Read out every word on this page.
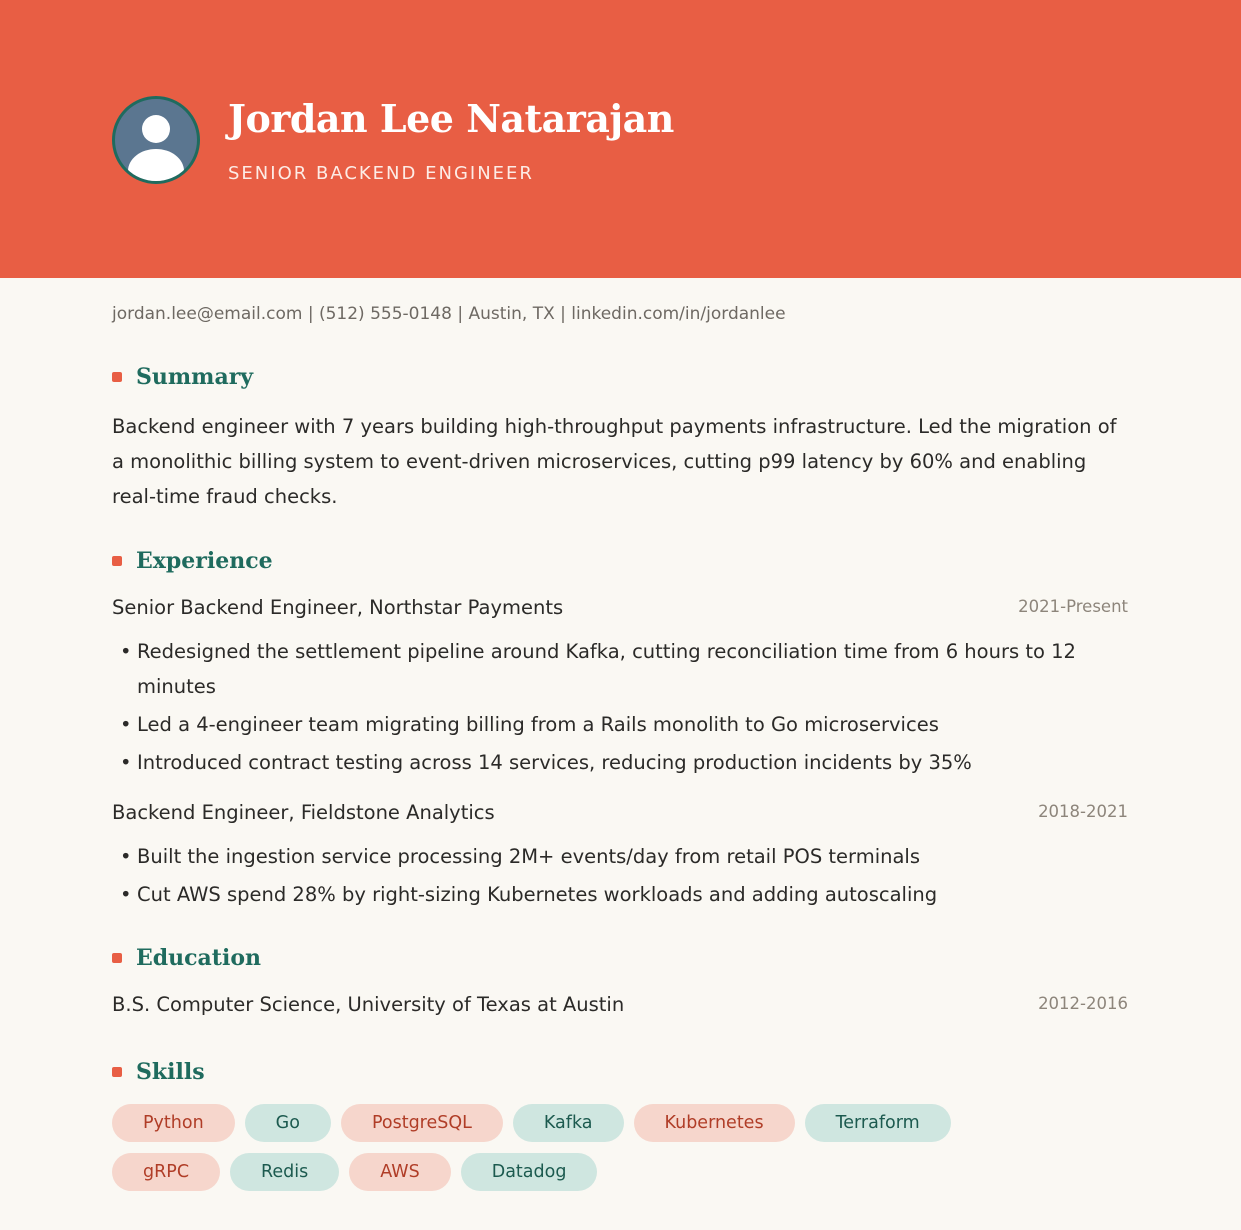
Jordan Lee Natarajan
SENIOR BACKEND ENGINEER
jordan.lee@email.com | (512) 555-0148 | Austin, TX | linkedin.com/in/jordanlee
Summary

Backend engineer with 7 years building high-throughput payments infrastructure. Led the migration of a monolithic billing system to event-driven microservices, cutting p99 latency by 60% and enabling real-time fraud checks.

Experience
Senior Backend Engineer, Northstar Payments	2021-Present
• Redesigned the settlement pipeline around Kafka, cutting reconciliation time from 6 hours to 12 minutes
• Led a 4-engineer team migrating billing from a Rails monolith to Go microservices
• Introduced contract testing across 14 services, reducing production incidents by 35%
Backend Engineer, Fieldstone Analytics	2018-2021
• Built the ingestion service processing 2M+ events/day from retail POS terminals
• Cut AWS spend 28% by right-sizing Kubernetes workloads and adding autoscaling
Education
B.S. Computer Science, University of Texas at Austin	2012-2016
Skills
Python	Go	PostgreSQL	Kafka	Kubernetes	Terraform
gRPC	Redis	AWS	Datadog
